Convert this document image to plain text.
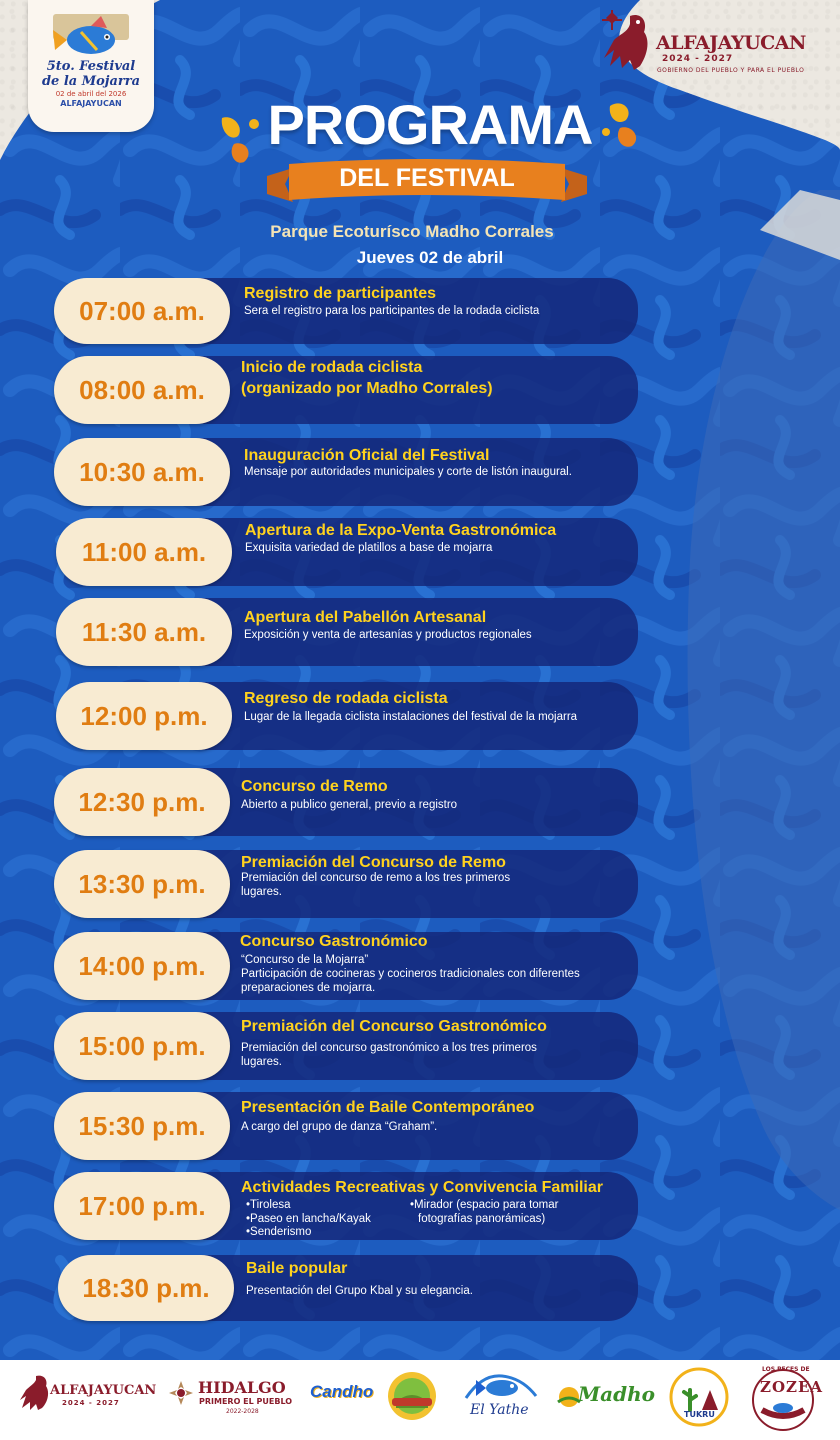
5to. Festival
de la Mojarra
02 de abril del 2026
ALFAJAYUCAN
ALFAJAYUCAN
2024 - 2027
GOBIERNO DEL PUEBLO Y PARA EL PUEBLO
PROGRAMA
DEL FESTIVAL
Parque Ecoturísco Madho Corrales
Jueves 02 de abril
07:00 a.m.
Registro de participantes
Sera el registro para los participantes de la rodada ciclista
08:00 a.m.
Inicio de rodada ciclista
(organizado por Madho Corrales)
10:30 a.m.
Inauguración Oficial del Festival
Mensaje por autoridades municipales y corte de listón inaugural.
11:00 a.m.
Apertura de la Expo-Venta Gastronómica
Exquisita variedad de platillos a base de mojarra
11:30 a.m.	Apertura del Pabellón Artesanal
Exposición y venta de artesanías y productos regionales
12:00 p.m.
Regreso de rodada ciclista
Lugar de la llegada ciclista instalaciones del festival de la mojarra
12:30 p.m.	Concurso de Remo
Abierto a publico general, previo a registro
13:30 p.m.
Premiación del Concurso de Remo
Premiación del concurso de remo a los tres primeros
lugares.
14:00 p.m.
Concurso Gastronómico
“Concurso de la Mojarra”
Participación de cocineras y cocineros tradicionales con diferentes
preparaciones de mojarra.
15:00 p.m.
Premiación del Concurso Gastronómico
Premiación del concurso gastronómico a los tres primeros
lugares.
15:30 p.m.
Presentación de Baile Contemporáneo
A cargo del grupo de danza “Graham”.
17:00 p.m.
Actividades Recreativas y Convivencia Familiar
• Tirolesa
• Paseo en lancha/Kayak
• Senderismo
• Mirador (espacio para tomar
fotografías panorámicas)
18:30 p.m.
Baile popular
Presentación del Grupo Kbal y su elegancia.
ALFAJAYUCAN
2024 - 2027
HIDALGO
PRIMERO EL PUEBLO
2022-2028
Candho
El Yathe
Madho
TUKRU
LOS PECES DE
ZOZEA
